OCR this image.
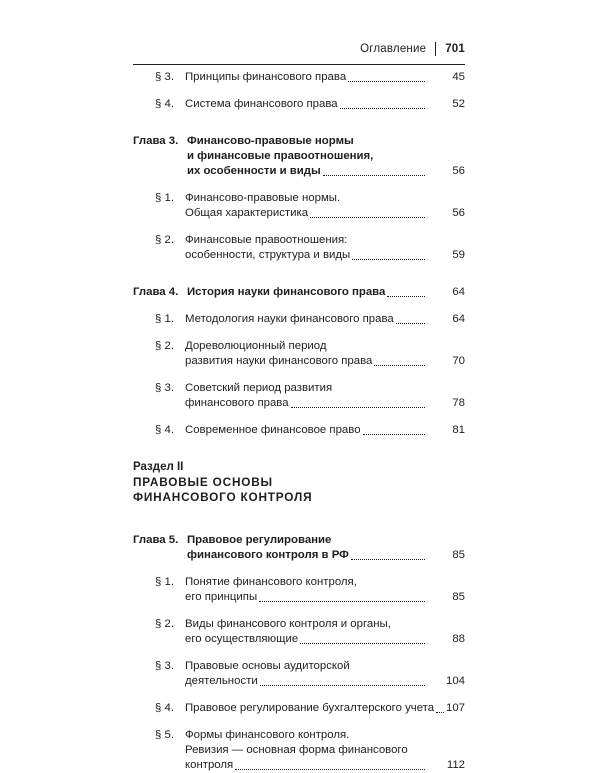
Оглавление 701
§ 3. Принципы финансового права	45
§ 4. Система финансового права	52
Глава 3. Финансово-правовые нормы
и финансовые правоотношения,
их особенности и виды	56
§ 1. Финансово-правовые нормы.
Общая характеристика	56
§ 2. Финансовые правоотношения:
особенности, структура и виды	59
Глава 4. История науки финансового права	64
§ 1. Методология науки финансового права	64
§ 2. Дореволюционный период
развития науки финансового права	70
§ 3. Советский период развития
финансового права	78
§ 4. Современное финансовое право	81
Раздел II
ПРАВОВЫЕ ОСНОВЫ
ФИНАНСОВОГО КОНТРОЛЯ
Глава 5. Правовое регулирование
финансового контроля в РФ	85
§ 1. Понятие финансового контроля,
его принципы	85
§ 2. Виды финансового контроля и органы,
его осуществляющие	88
§ 3. Правовые основы аудиторской
деятельности	104
§ 4. Правовое регулирование бухгалтерского учета 107
§ 5. Формы финансового контроля.
Ревизия — основная форма финансового
контроля	112
